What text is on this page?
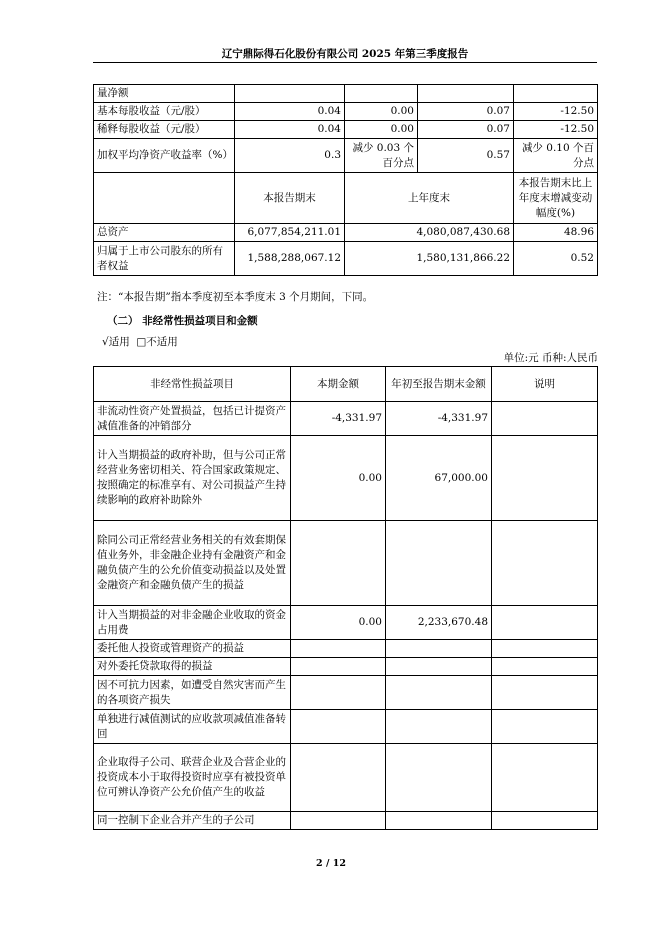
辽宁鼎际得石化股份有限公司 2025 年第三季度报告
量净额				
基本每股收益（元/股）	0.04	0.00	0.07	-12.50
稀释每股收益（元/股）	0.04	0.00	0.07	-12.50
加权平均净资产收益率（%）	0.3	减少 0.03 个百分点	0.57	减少 0.10 个百分点
	本报告期末	上年度末		本报告期末比上年度末增减变动幅度(%)
总资产	6,077,854,211.01	4,080,087,430.68		48.96
归属于上市公司股东的所有者权益	1,588,288,067.12	1,580,131,866.22		0.52
注：“本报告期”指本季度初至本季度末 3 个月期间，下同。
（二） 非经常性损益项目和金额
√适用 □不适用
单位:元 币种:人民币
非经常性损益项目	本期金额	年初至报告期末金额	说明
非流动性资产处置损益，包括已计提资产减值准备的冲销部分	-4,331.97	-4,331.97	
计入当期损益的政府补助，但与公司正常经营业务密切相关、符合国家政策规定、按照确定的标准享有、对公司损益产生持续影响的政府补助除外	0.00	67,000.00	
除同公司正常经营业务相关的有效套期保值业务外，非金融企业持有金融资产和金融负债产生的公允价值变动损益以及处置金融资产和金融负债产生的损益			
计入当期损益的对非金融企业收取的资金占用费	0.00	2,233,670.48	
委托他人投资或管理资产的损益			
对外委托贷款取得的损益			
因不可抗力因素，如遭受自然灾害而产生的各项资产损失			
单独进行减值测试的应收款项减值准备转回			
企业取得子公司、联营企业及合营企业的投资成本小于取得投资时应享有被投资单位可辨认净资产公允价值产生的收益			
同一控制下企业合并产生的子公司			
2 / 12
